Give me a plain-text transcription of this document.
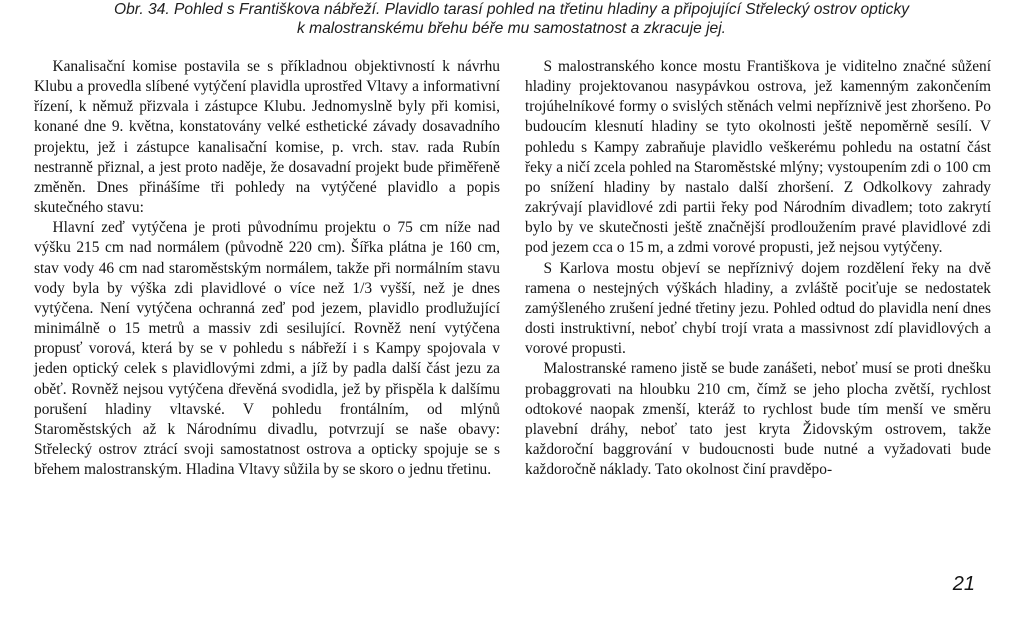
Obr. 34. Pohled s Františkova nábřeží. Plavidlo tarasí pohled na třetinu hladiny a připojující Střelecký ostrov opticky
k malostranskému břehu béře mu samostatnost a zkracuje jej.

Kanalisační komise postavila se s příkladnou objektivností k návrhu Klubu a provedla slíbené vytýčení plavidla uprostřed Vltavy a informativní řízení, k němuž přizvala i zástupce Klubu. Jednomyslně byly při komisi, konané dne 9. května, konstatovány velké esthetické závady dosavadního projektu, jež i zástupce kanalisační komise, p. vrch. stav. rada Rubín nestranně přiznal, a jest proto naděje, že dosavadní projekt bude přiměřeně změněn. Dnes přinášíme tři pohledy na vytýčené plavidlo a popis skutečného stavu:

Hlavní zeď vytýčena je proti původnímu projektu o 75 cm níže nad výšku 215 cm nad normálem (původně 220 cm). Šířka plátna je 160 cm, stav vody 46 cm nad staroměstským normálem, takže při normálním stavu vody byla by výška zdi plavidlové o více než 1/3 vyšší, než je dnes vytýčena. Není vytýčena ochranná zeď pod jezem, plavidlo prodlužující minimálně o 15 metrů a massiv zdi sesilující. Rovněž není vytýčena propusť vorová, která by se v pohledu s nábřeží i s Kampy spojovala v jeden optický celek s plavidlovými zdmi, a jíž by padla další část jezu za oběť. Rovněž nejsou vytýčena dřevěná svodidla, jež by přispěla k dalšímu porušení hladiny vltavské. V pohledu frontálním, od mlýnů Staroměstských až k Národnímu divadlu, potvrzují se naše obavy: Střelecký ostrov ztrácí svoji samostatnost ostrova a opticky spojuje se s břehem malostranským. Hladina Vltavy sůžila by se skoro o jednu třetinu.

S malostranského konce mostu Františkova je viditelno značné sůžení hladiny projektovanou nasypávkou ostrova, jež kamenným zakončením trojúhelníkové formy o svislých stěnách velmi nepříznivě jest zhoršeno. Po budoucím klesnutí hladiny se tyto okolnosti ještě nepoměrně sesílí. V pohledu s Kampy zabraňuje plavidlo veškerému pohledu na ostatní část řeky a ničí zcela pohled na Staroměstské mlýny; vystoupením zdi o 100 cm po snížení hladiny by nastalo další zhoršení. Z Odkolkovy zahrady zakrývají plavidlové zdi partii řeky pod Národním divadlem; toto zakrytí bylo by ve skutečnosti ještě značnější prodloužením pravé plavidlové zdi pod jezem cca o 15 m, a zdmi vorové propusti, jež nejsou vytýčeny.

S Karlova mostu objeví se nepříznivý dojem rozdělení řeky na dvě ramena o nestejných výškách hladiny, a zvláště pociťuje se nedostatek zamýšleného zrušení jedné třetiny jezu. Pohled odtud do plavidla není dnes dosti instruktivní, neboť chybí trojí vrata a massivnost zdí plavidlových a vorové propusti.

Malostranské rameno jistě se bude zanášeti, neboť musí se proti dnešku probaggrovati na hloubku 210 cm, čímž se jeho plocha zvětší, rychlost odtokové naopak zmenší, kteráž to rychlost bude tím menší ve směru plavební dráhy, neboť tato jest kryta Židovským ostrovem, takže každoroční baggrování v budoucnosti bude nutné a vyžadovati bude každoročně náklady. Tato okolnost činí pravděpo-

21
